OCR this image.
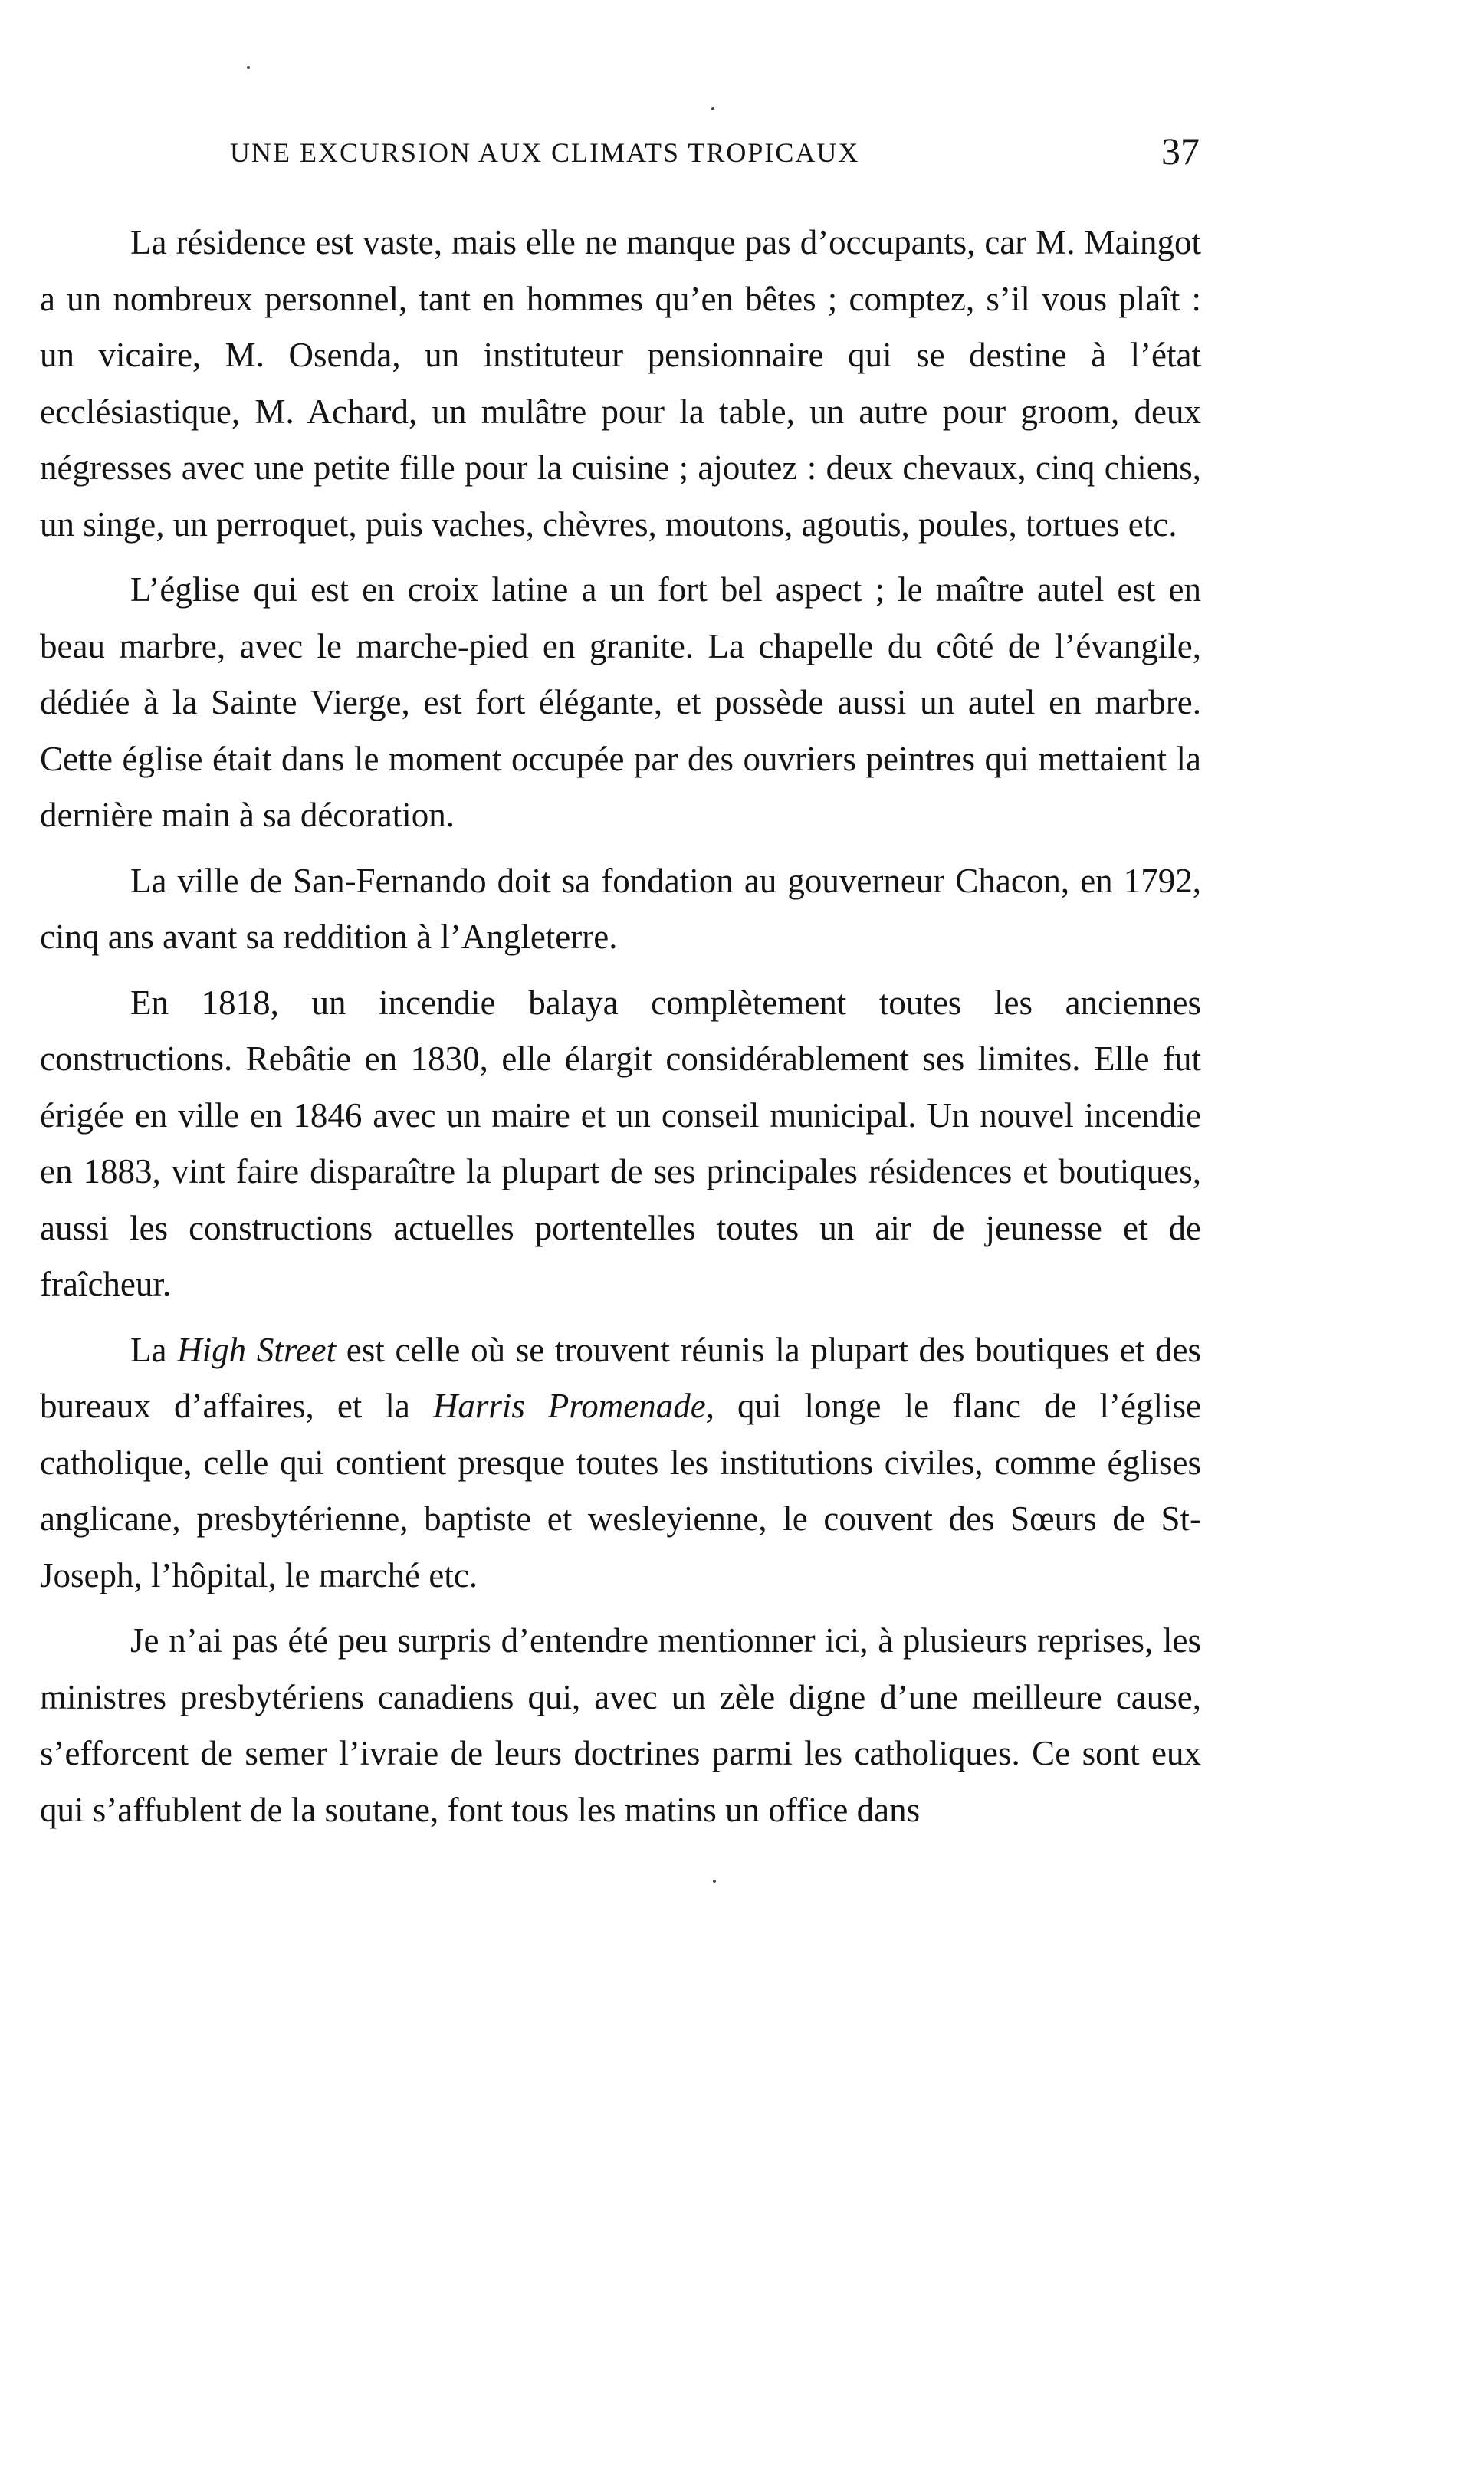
UNE EXCURSION AUX CLIMATS TROPICAUX	37

La résidence est vaste, mais elle ne manque pas d’occupants, car M. Maingot a un nombreux personnel, tant en hommes qu’en bêtes ; comptez, s’il vous plaît : un vicaire, M. Osenda, un instituteur pensionnaire qui se destine à l’état ecclésiastique, M. Achard, un mulâtre pour la table, un autre pour groom, deux négresses avec une petite fille pour la cuisine ; ajoutez : deux chevaux, cinq chiens, un singe, un perroquet, puis vaches, chèvres, moutons, agoutis, poules, tortues etc.

L’église qui est en croix latine a un fort bel aspect ; le maître autel est en beau marbre, avec le marche-pied en granite. La chapelle du côté de l’évangile, dédiée à la Sainte Vierge, est fort élégante, et possède aussi un autel en marbre. Cette église était dans le moment occupée par des ouvriers peintres qui mettaient la dernière main à sa décoration.

La ville de San-Fernando doit sa fondation au gouverneur Chacon, en 1792, cinq ans avant sa reddition à l’Angleterre.

En 1818, un incendie balaya complètement toutes les anciennes constructions. Rebâtie en 1830, elle élargit considérablement ses limites. Elle fut érigée en ville en 1846 avec un maire et un conseil municipal. Un nouvel incendie en 1883, vint faire disparaître la plupart de ses principales résidences et boutiques, aussi les constructions actuelles portentelles toutes un air de jeunesse et de fraîcheur.

La High Street est celle où se trouvent réunis la plupart des boutiques et des bureaux d’affaires, et la Harris Promenade, qui longe le flanc de l’église catholique, celle qui contient presque toutes les institutions civiles, comme églises anglicane, presbytérienne, baptiste et wesleyienne, le couvent des Sœurs de St-Joseph, l’hôpital, le marché etc.

Je n’ai pas été peu surpris d’entendre mentionner ici, à plusieurs reprises, les ministres presbytériens canadiens qui, avec un zèle digne d’une meilleure cause, s’efforcent de semer l’ivraie de leurs doctrines parmi les catholiques. Ce sont eux qui s’affublent de la soutane, font tous les matins un office dans
